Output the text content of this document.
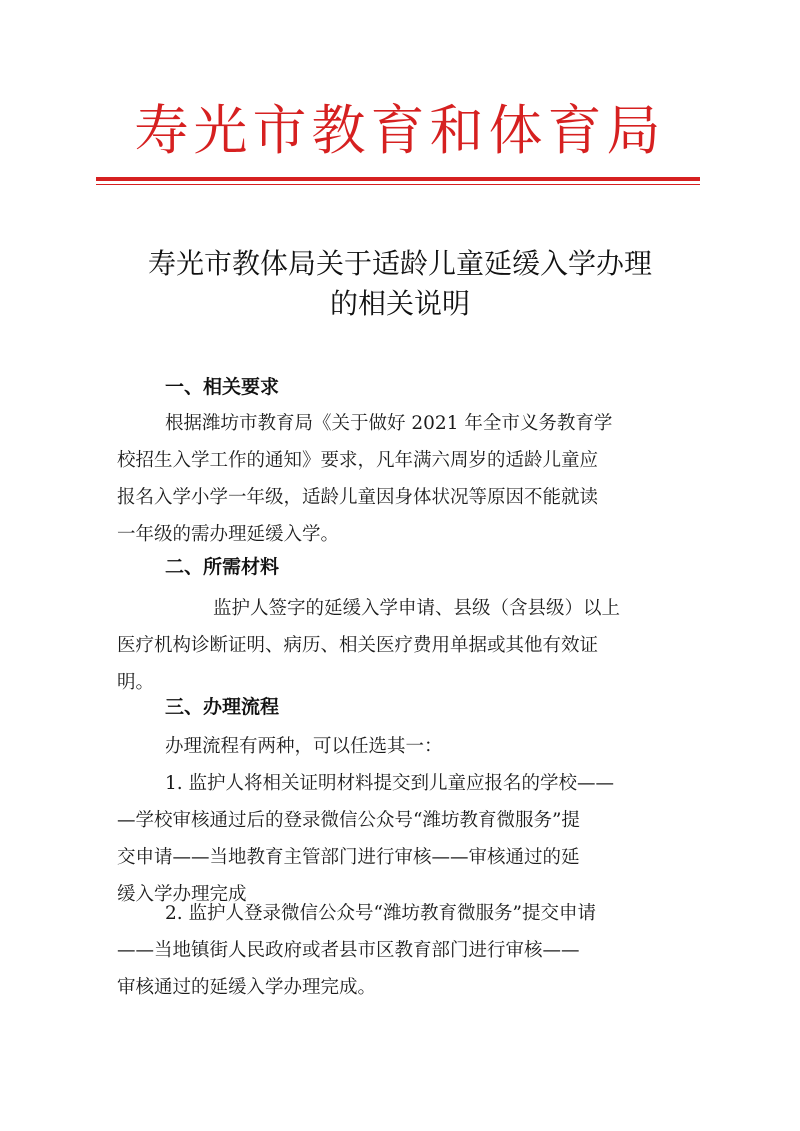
寿光市教育和体育局
寿光市教体局关于适龄儿童延缓入学办理
的相关说明
一、相关要求
根据潍坊市教育局《关于做好 2021 年全市义务教育学
校招生入学工作的通知》要求，凡年满六周岁的适龄儿童应
报名入学小学一年级，适龄儿童因身体状况等原因不能就读
一年级的需办理延缓入学。
二、所需材料
监护人签字的延缓入学申请、县级（含县级）以上
医疗机构诊断证明、病历、相关医疗费用单据或其他有效证
明。
三、办理流程
办理流程有两种，可以任选其一：
1. 监护人将相关证明材料提交到儿童应报名的学校——
—学校审核通过后的登录微信公众号“潍坊教育微服务”提
交申请——当地教育主管部门进行审核——审核通过的延
缓入学办理完成
2. 监护人登录微信公众号“潍坊教育微服务”提交申请
——当地镇街人民政府或者县市区教育部门进行审核——
审核通过的延缓入学办理完成。
